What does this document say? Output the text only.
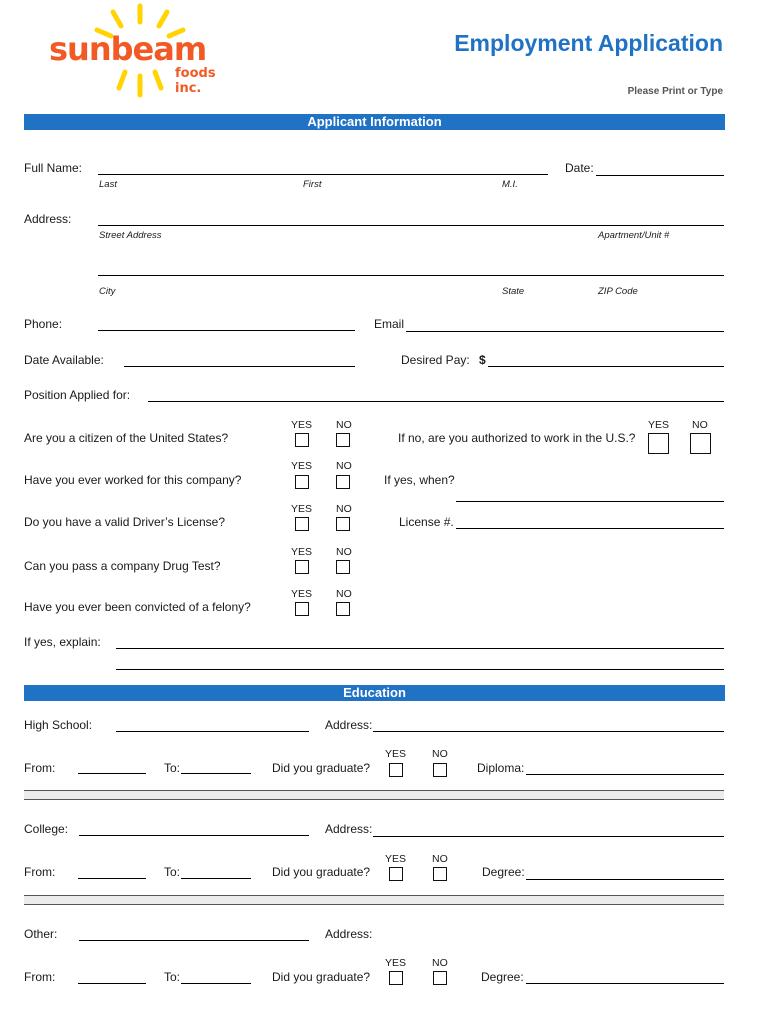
sunbeam
foods inc.
Employment Application
Please Print or Type
Applicant Information
Full Name:
Last	First	M.I.
Date:
Address:
Street Address	Apartment/Unit #
City	State	ZIP Code
Phone:	Email
Date Available:	Desired Pay: $
Position Applied for:
Are you a citizen of the United States?
YES NO
If no, are you authorized to work in the U.S.?
YES NO
Have you ever worked for this company?
YES NO
If yes, when?
Do you have a valid Driver’s License?
YES NO
License #.
Can you pass a company Drug Test?
YES NO
Have you ever been convicted of a felony?
YES NO
If yes, explain:
Education
High School:	Address:
From:	To:	Did you graduate?
YES NO
Diploma:
College:	Address:
From:	To:	Did you graduate?
YES NO
Degree:
Other:	Address:
From:	To:	Did you graduate?
YES NO
Degree:
